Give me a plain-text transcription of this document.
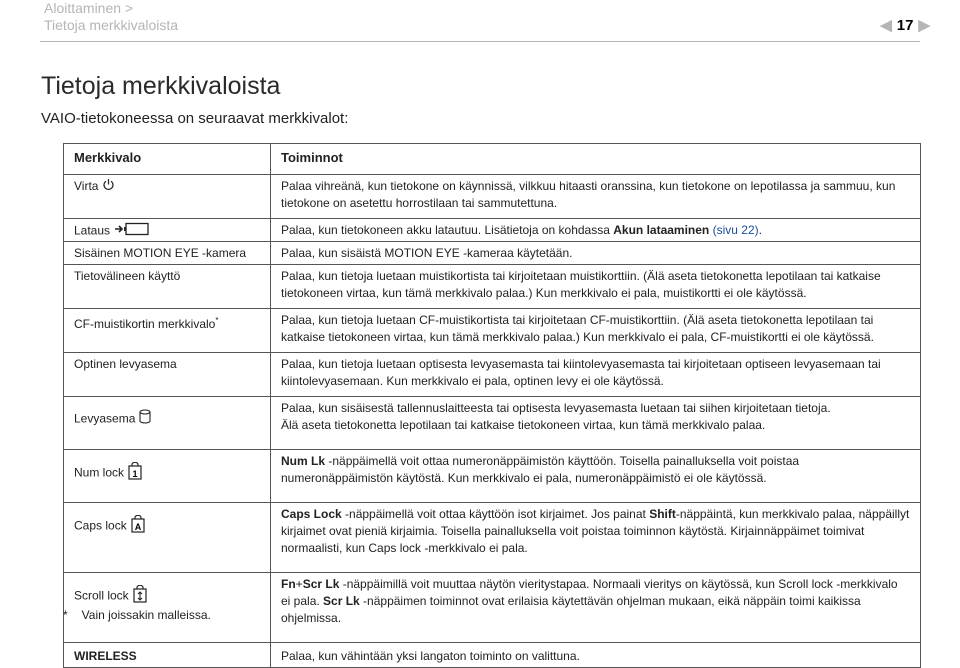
Aloittaminen >
Tietoja merkkivaloista	◀ 17 ▶
Tietoja merkkivaloista
VAIO-tietokoneessa on seuraavat merkkivalot:
Merkkivalo	Toiminnot
Virta	Palaa vihreänä, kun tietokone on käynnissä, vilkkuu hitaasti oranssina, kun tietokone on lepotilassa ja sammuu, kun tietokone on asetettu horrostilaan tai sammutettuna.
Lataus	Palaa, kun tietokoneen akku latautuu. Lisätietoja on kohdassa Akun lataaminen (sivu 22).
Sisäinen MOTION EYE -kamera	Palaa, kun sisäistä MOTION EYE -kameraa käytetään.
Tietovälineen käyttö	Palaa, kun tietoja luetaan muistikortista tai kirjoitetaan muistikorttiin. (Älä aseta tietokonetta lepotilaan tai katkaise tietokoneen virtaa, kun tämä merkkivalo palaa.) Kun merkkivalo ei pala, muistikortti ei ole käytössä.
CF-muistikortin merkkivalo*	Palaa, kun tietoja luetaan CF-muistikortista tai kirjoitetaan CF-muistikorttiin. (Älä aseta tietokonetta lepotilaan tai katkaise tietokoneen virtaa, kun tämä merkkivalo palaa.) Kun merkkivalo ei pala, CF-muistikortti ei ole käytössä.
Optinen levyasema	Palaa, kun tietoja luetaan optisesta levyasemasta tai kiintolevyasemasta tai kirjoitetaan optiseen levyasemaan tai kiintolevyasemaan. Kun merkkivalo ei pala, optinen levy ei ole käytössä.
Levyasema	Palaa, kun sisäisestä tallennuslaitteesta tai optisesta levyasemasta luetaan tai siihen kirjoitetaan tietoja.
Älä aseta tietokonetta lepotilaan tai katkaise tietokoneen virtaa, kun tämä merkkivalo palaa.

Num lock 1	Num Lk -näppäimellä voit ottaa numeronäppäimistön käyttöön. Toisella painalluksella voit poistaa numeronäppäimistön käytöstä. Kun merkkivalo ei pala, numeronäppäimistö ei ole käytössä.
Caps lock A	Caps Lock -näppäimellä voit ottaa käyttöön isot kirjaimet. Jos painat Shift-näppäintä, kun merkkivalo palaa, näppäillyt kirjaimet ovat pieniä kirjaimia. Toisella painalluksella voit poistaa toiminnon käytöstä. Kirjainnäppäimet toimivat normaalisti, kun Caps lock -merkkivalo ei pala.
Scroll lock	Fn+Scr Lk -näppäimillä voit muuttaa näytön vieritystapaa. Normaali vieritys on käytössä, kun Scroll lock -merkkivalo ei pala. Scr Lk -näppäimen toiminnot ovat erilaisia käytettävän ohjelman mukaan, eikä näppäin toimi kaikissa ohjelmissa.
WIRELESS	Palaa, kun vähintään yksi langaton toiminto on valittuna.
* Vain joissakin malleissa.
